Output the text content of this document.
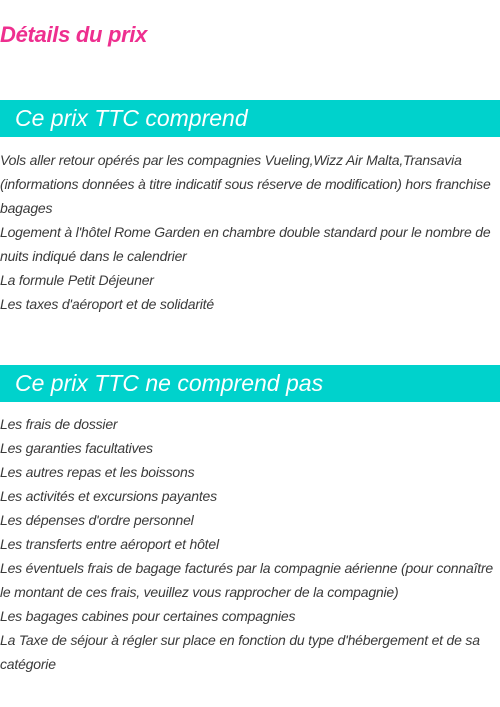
Détails du prix
Ce prix TTC comprend
Vols aller retour opérés par les compagnies Vueling,Wizz Air Malta,Transavia (informations données à titre indicatif sous réserve de modification) hors franchise bagages
Logement à l'hôtel Rome Garden en chambre double standard pour le nombre de nuits indiqué dans le calendrier
La formule Petit Déjeuner
Les taxes d'aéroport et de solidarité
Ce prix TTC ne comprend pas
Les frais de dossier
Les garanties facultatives
Les autres repas et les boissons
Les activités et excursions payantes
Les dépenses d'ordre personnel
Les transferts entre aéroport et hôtel
Les éventuels frais de bagage facturés par la compagnie aérienne (pour connaître le montant de ces frais, veuillez vous rapprocher de la compagnie)
Les bagages cabines pour certaines compagnies
La Taxe de séjour à régler sur place en fonction du type d'hébergement et de sa catégorie
